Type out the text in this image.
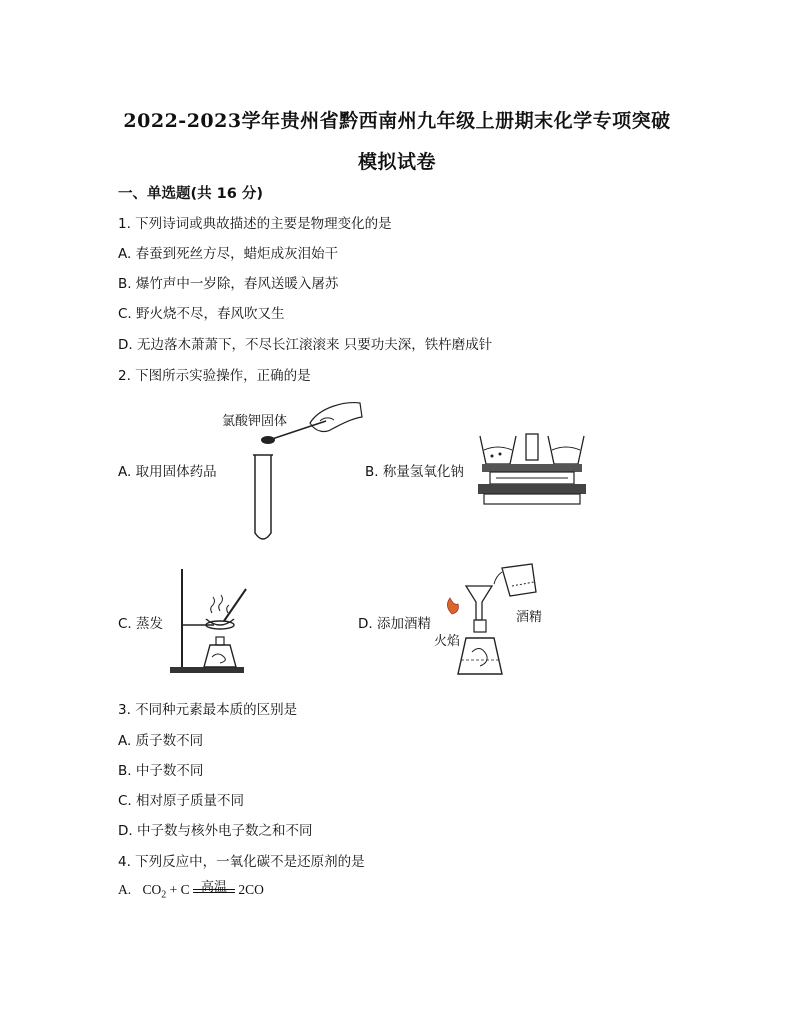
2022-2023学年贵州省黔西南州九年级上册期末化学专项突破
模拟试卷
一、单选题(共 16 分)
1. 下列诗词或典故描述的主要是物理变化的是
A. 春蚕到死丝方尽，蜡炬成灰泪始干
B. 爆竹声中一岁除，春风送暖入屠苏
C. 野火烧不尽，春风吹又生
D. 无边落木萧萧下，不尽长江滚滚来 只要功夫深，铁杵磨成针
2. 下图所示实验操作，正确的是
A. 取用固体药品
氯酸钾固体
B. 称量氢氧化钠
C. 蒸发	D. 添加酒精	酒精
火焰
3. 不同种元素最本质的区别是
A. 质子数不同
B. 中子数不同
C. 相对原子质量不同
D. 中子数与核外电子数之和不同
4. 下列反应中，一氧化碳不是还原剂的是
A. $CO_2 + C$ 高温 2CO
